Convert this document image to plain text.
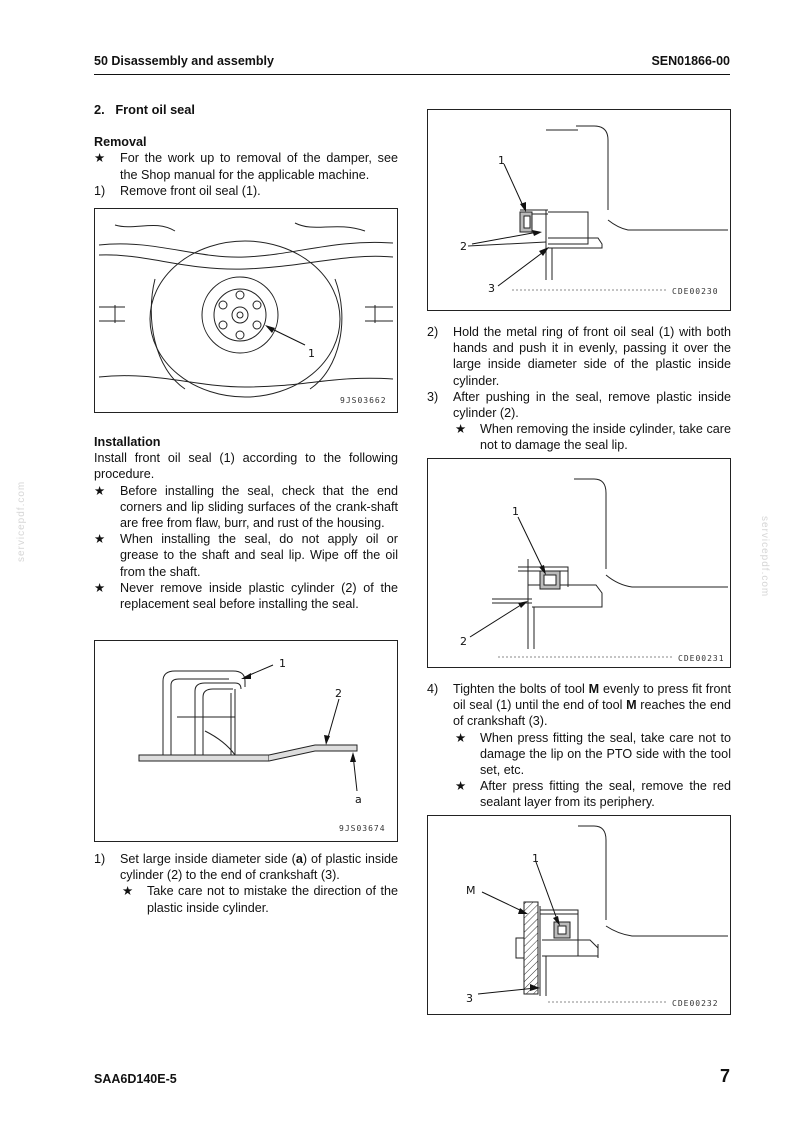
50 Disassembly and assembly	SEN01866-00
2.   Front oil seal
Removal
★ For the work up to removal of the damper, see the Shop manual for the applicable machine.
1) Remove front oil seal (1).
1
9JS03662
Installation

Install front oil seal (1) according to the following procedure.

★ Before installing the seal, check that the end corners and lip sliding surfaces of the crank-shaft are free from flaw, burr, and rust of the housing.
★ When installing the seal, do not apply oil or grease to the shaft and seal lip. Wipe off the oil from the shaft.
★ Never remove inside plastic cylinder (2) of the replacement seal before installing the seal.
1
2
a
9JS03674
1) Set large inside diameter side (a) of plastic inside cylinder (2) to the end of crankshaft (3).
★ Take care not to mistake the direction of the plastic inside cylinder.
1
2
3	CDE00230
2) Hold the metal ring of front oil seal (1) with both hands and push it in evenly, passing it over the large inside diameter side of the plastic inside cylinder.
3) After pushing in the seal, remove plastic inside cylinder (2).
★ When removing the inside cylinder, take care not to damage the seal lip.
1
2
CDE00231
4) Tighten the bolts of tool M evenly to press fit front oil seal (1) until the end of tool M reaches the end of crankshaft (3).
★ When press fitting the seal, take care not to damage the lip on the PTO side with the tool set, etc.
★ After press fitting the seal, remove the red sealant layer from its periphery.
1
M
3	CDE00232
servicepdf.com	servicepdf.com
SAA6D140E-5	7
